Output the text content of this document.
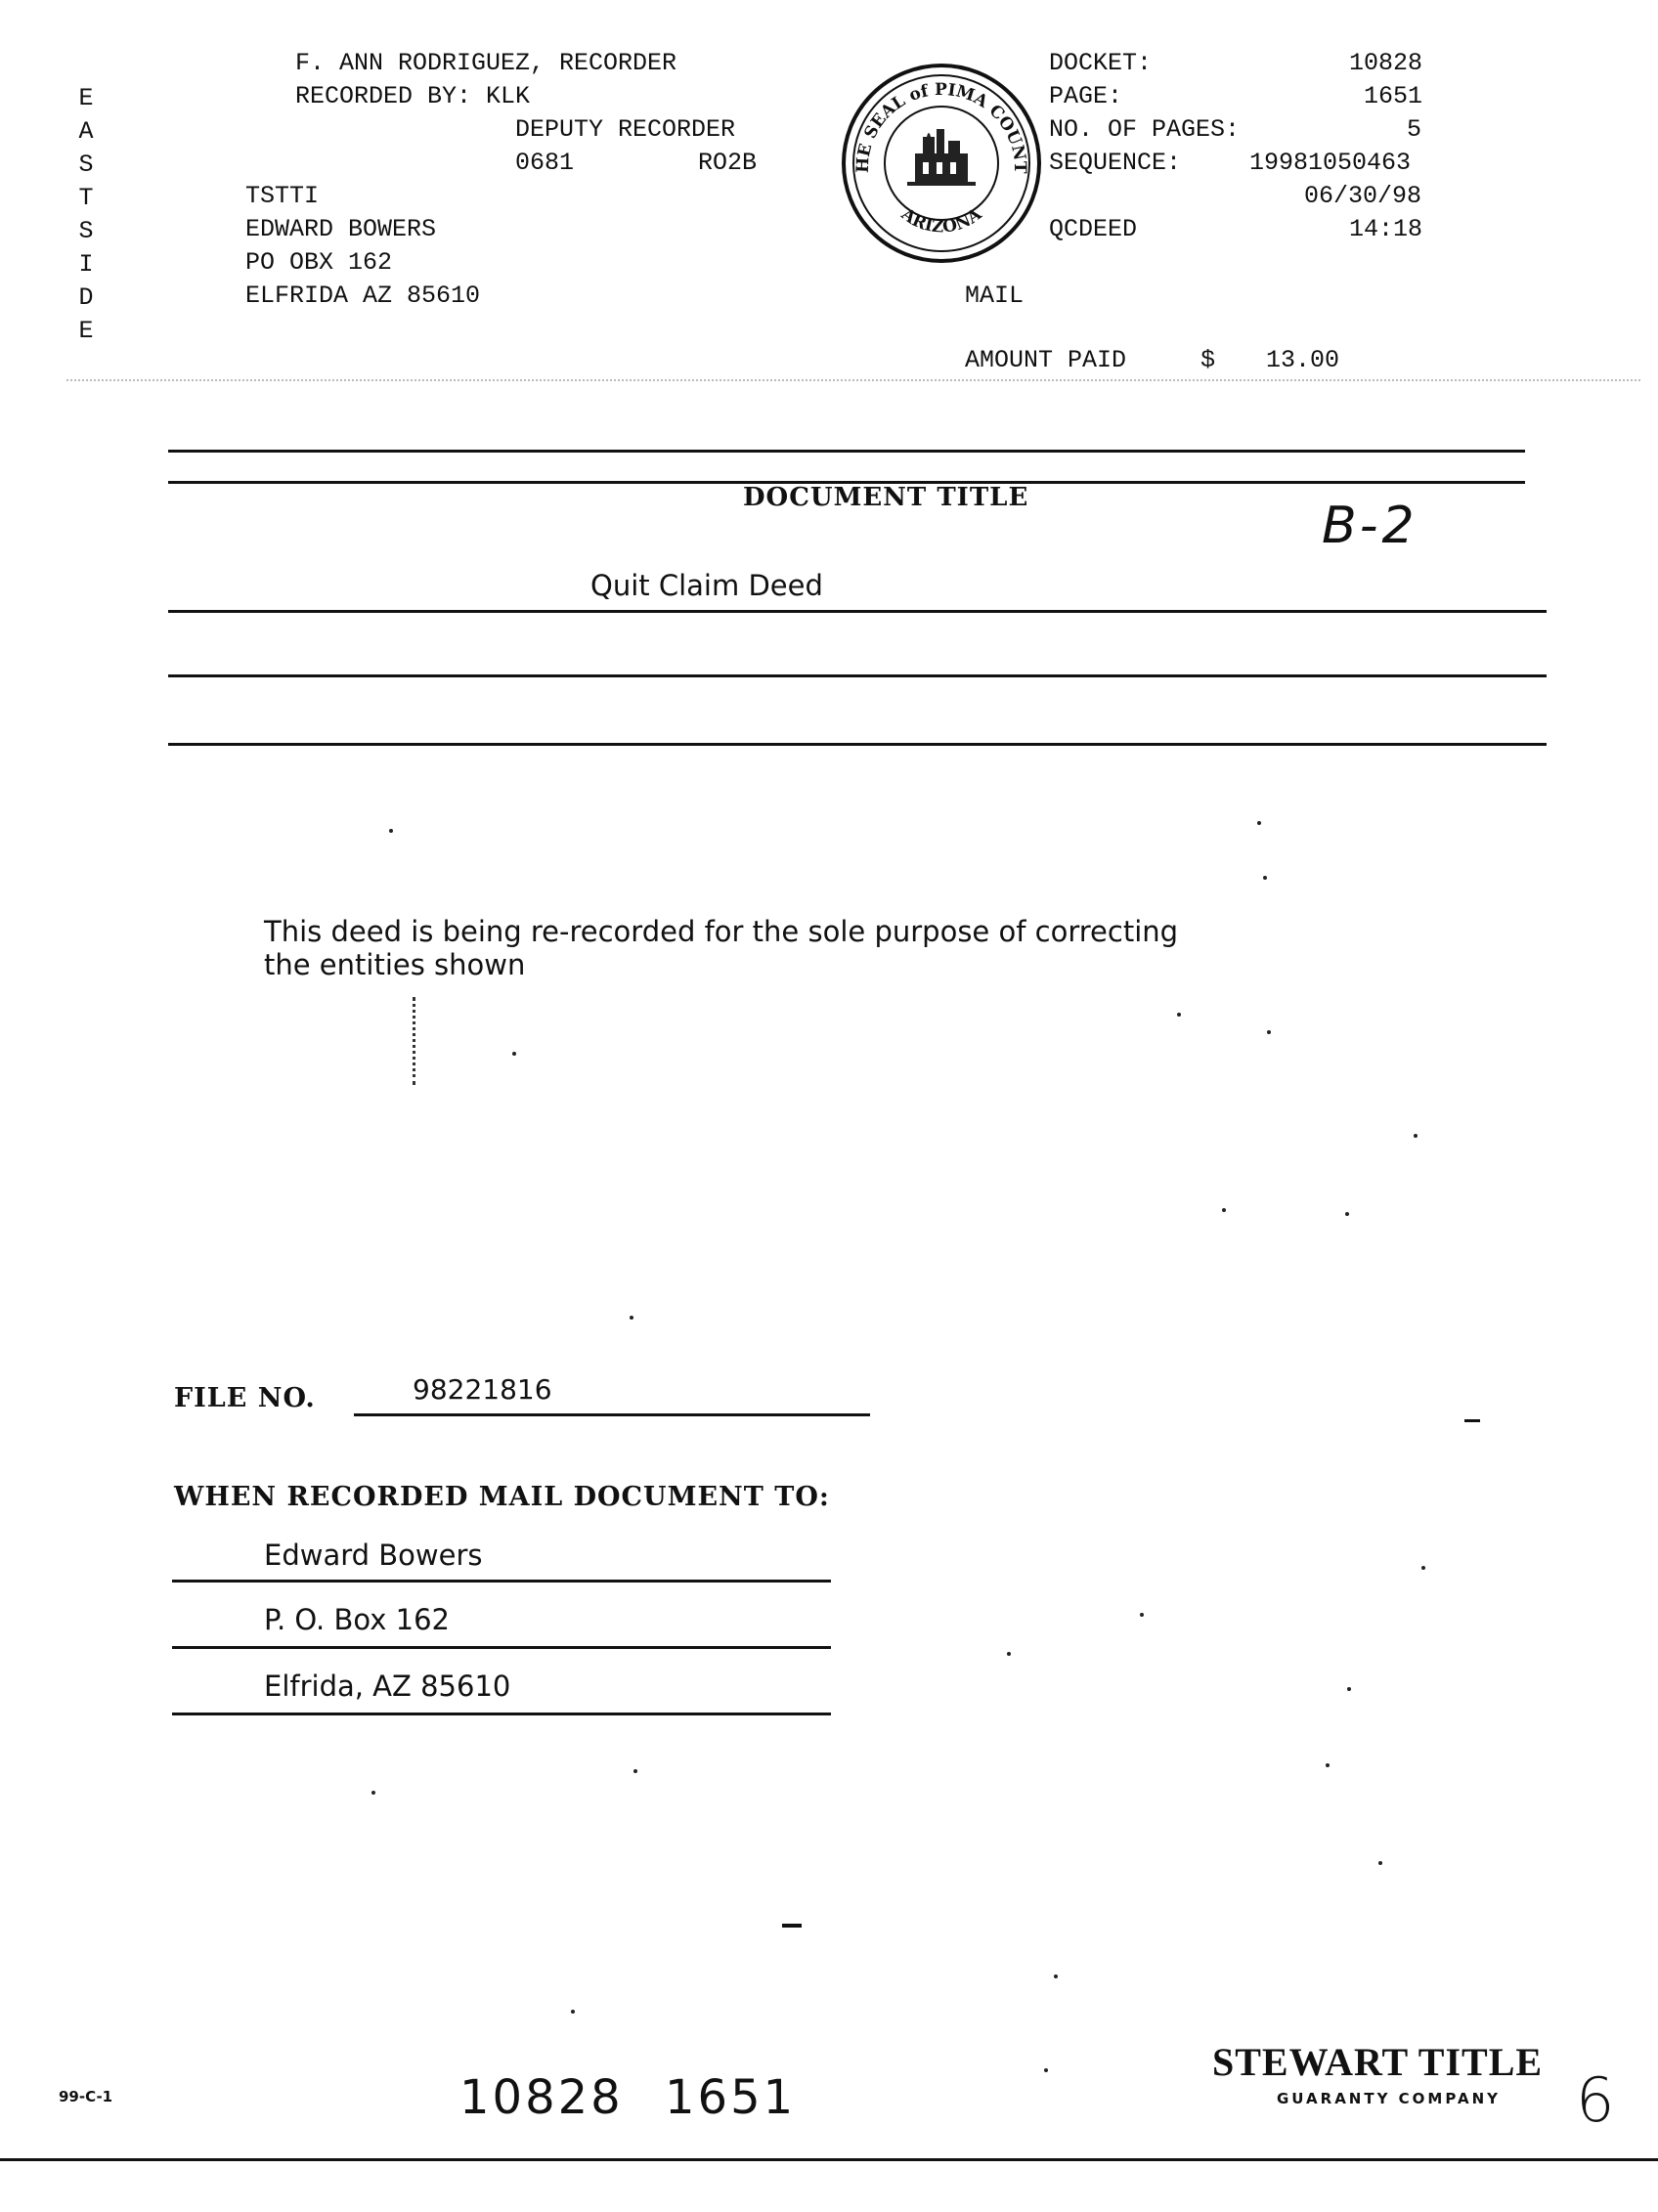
E
A
S
T
S
I
D
E
F. ANN RODRIGUEZ, RECORDER
RECORDED BY: KLK
DEPUTY RECORDER
0681	RO2B
TSTTI
EDWARD BOWERS
PO OBX 162
ELFRIDA AZ 85610
HE SEAL of PIMA COUNT
ARIZONA
DOCKET:	10828
PAGE:	1651
NO. OF PAGES:	5
SEQUENCE:	19981050463
06/30/98
QCDEED	14:18
MAIL
AMOUNT PAID	$ 13.00
DOCUMENT TITLE	B-2
Quit Claim Deed
This deed is being re-recorded for the sole purpose of correcting
the entities shown
FILE NO.	98221816
WHEN RECORDED MAIL DOCUMENT TO:
Edward Bowers
P. O. Box 162
Elfrida, AZ 85610
99-C-1	10828 1651
STEWART TITLE
GUARANTY COMPANY 6
